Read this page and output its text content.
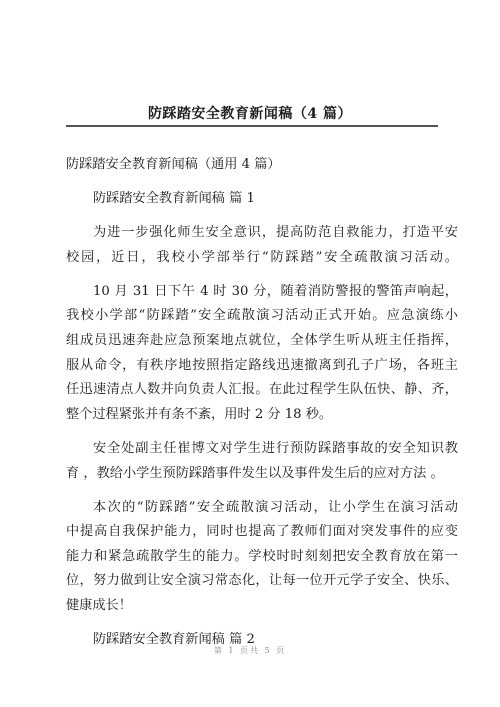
防踩踏安全教育新闻稿（4 篇）
防踩踏安全教育新闻稿（通用 4 篇）
防踩踏安全教育新闻稿 篇 1
为进一步强化师生安全意识，提高防范自救能力，打造平安
校园，近日，我校小学部举行“防踩踏”安全疏散演习活动。
10 月 31 日下午 4 时 30 分，随着消防警报的警笛声响起，
我校小学部“防踩踏”安全疏散演习活动正式开始。应急演练小
组成员迅速奔赴应急预案地点就位，全体学生听从班主任指挥，
服从命令，有秩序地按照指定路线迅速撤离到孔子广场，各班主
任迅速清点人数并向负责人汇报。在此过程学生队伍快、静、齐，
整个过程紧张并有条不紊，用时 2 分 18 秒。
安全处副主任崔博文对学生进行预防踩踏事故的安全知识教
育 ，教给小学生预防踩踏事件发生以及事件发生后的应对方法 。
本次的“防踩踏”安全疏散演习活动，让小学生在演习活动
中提高自我保护能力，同时也提高了教师们面对突发事件的应变
能力和紧急疏散学生的能力。学校时时刻刻把安全教育放在第一
位，努力做到让安全演习常态化，让每一位开元学子安全、快乐、
健康成长！
防踩踏安全教育新闻稿 篇 2
第 1 页共 5 页
